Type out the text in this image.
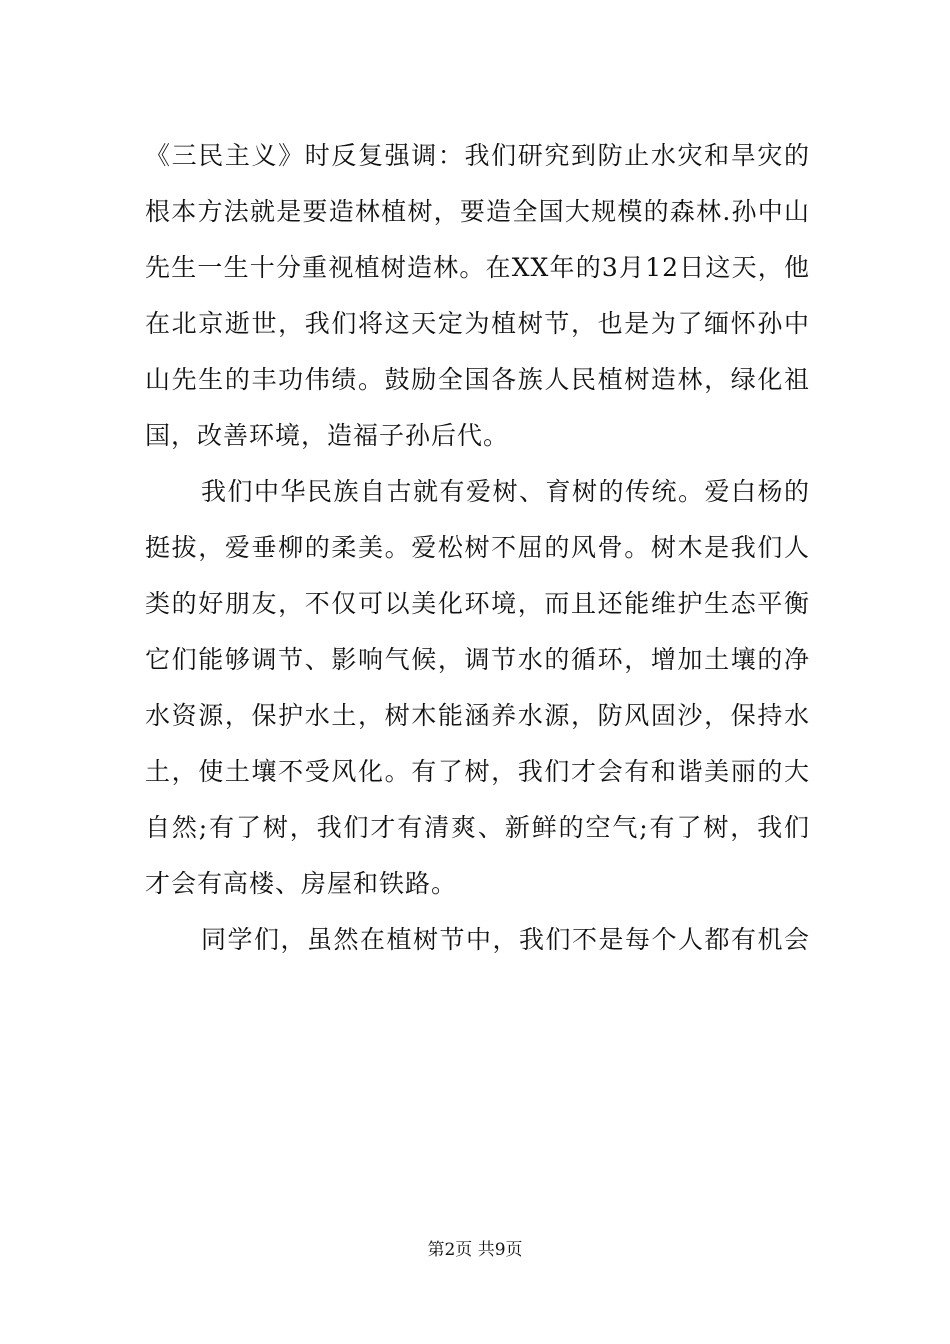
《三民主义》时反复强调：我们研究到防止水灾和旱灾的
根本方法就是要造林植树，要造全国大规模的森林.孙中山
先生一生十分重视植树造林。在XX年的3月12日这天，他
在北京逝世，我们将这天定为植树节，也是为了缅怀孙中
山先生的丰功伟绩。鼓励全国各族人民植树造林，绿化祖
国，改善环境，造福子孙后代。
我们中华民族自古就有爱树、育树的传统。爱白杨的
挺拔，爱垂柳的柔美。爱松树不屈的风骨。树木是我们人
类的好朋友，不仅可以美化环境，而且还能维护生态平衡
它们能够调节、影响气候，调节水的循环，增加土壤的净
水资源，保护水土，树木能涵养水源，防风固沙，保持水
土，使土壤不受风化。有了树，我们才会有和谐美丽的大
自然;有了树，我们才有清爽、新鲜的空气;有了树，我们
才会有高楼、房屋和铁路。
同学们，虽然在植树节中，我们不是每个人都有机会
第2页 共9页
